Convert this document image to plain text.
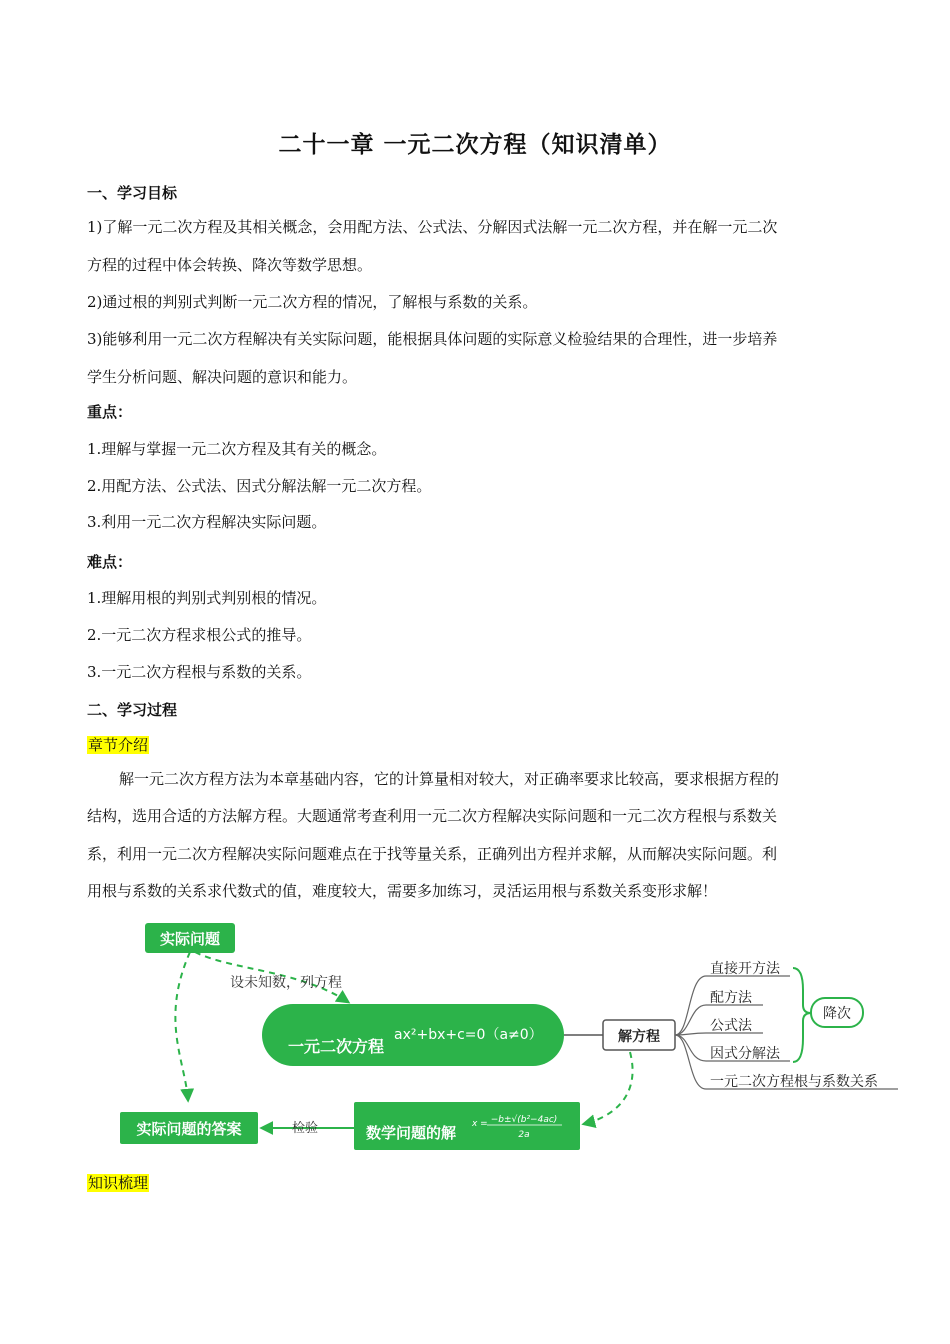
二十一章 一元二次方程（知识清单）
一、学习目标
1)了解一元二次方程及其相关概念，会用配方法、公式法、分解因式法解一元二次方程，并在解一元二次
方程的过程中体会转换、降次等数学思想。
2)通过根的判别式判断一元二次方程的情况，了解根与系数的关系。
3)能够利用一元二次方程解决有关实际问题，能根据具体问题的实际意义检验结果的合理性，进一步培养
学生分析问题、解决问题的意识和能力。
重点：
1.理解与掌握一元二次方程及其有关的概念。
2.用配方法、公式法、因式分解法解一元二次方程。
3.利用一元二次方程解决实际问题。
难点：
1.理解用根的判别式判别根的情况。
2.一元二次方程求根公式的推导。
3.一元二次方程根与系数的关系。
二、学习过程
章节介绍
解一元二次方程方法为本章基础内容，它的计算量相对较大，对正确率要求比较高，要求根据方程的
结构，选用合适的方法解方程。大题通常考查利用一元二次方程解决实际问题和一元二次方程根与系数关
系，利用一元二次方程解决实际问题难点在于找等量关系，正确列出方程并求解，从而解决实际问题。利
用根与系数的关系求代数式的值，难度较大，需要多加练习，灵活运用根与系数关系变形求解！
实际问题
设未知数，列方程
一元二次方程
ax²+bx+c=0（a≠0）	解方程
直接开方法
配方法
公式法
因式分解法
一元二次方程根与系数关系
降次
数学问题的解 x = −b±√(b²−4ac)
2a
检验
实际问题的答案
知识梳理
